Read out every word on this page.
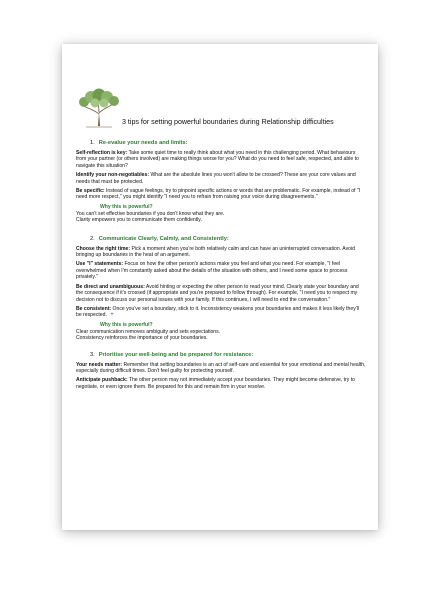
3 tips for setting powerful boundaries during Relationship difficulties
1. Re-evalue your needs and limits:

Self-reflection is key: Take some quiet time to really think about what you need in this challenging period. What behaviours from your partner (or others involved) are making things worse for you? What do you need to feel safe, respected, and able to navigate this situation?

Identify your non-negotiables: What are the absolute lines you won't allow to be crossed? These are your core values and needs that must be protected.

Be specific: Instead of vague feelings, try to pinpoint specific actions or words that are problematic. For example, instead of "I need more respect," you might identify "I need you to refrain from raising your voice during disagreements."

Why this is powerful?

You can't set effective boundaries if you don't know what they are.

Clarity empowers you to communicate them confidently.

2. Communicate Clearly, Calmly, and Consistently:

Choose the right time: Pick a moment when you're both relatively calm and can have an uninterrupted conversation. Avoid bringing up boundaries in the heat of an argument.

Use "I" statements: Focus on how the other person's actions make you feel and what you need. For example, "I feel overwhelmed when I'm constantly asked about the details of the situation with others, and I need some space to process privately."

Be direct and unambiguous: Avoid hinting or expecting the other person to read your mind. Clearly state your boundary and the consequence if it's crossed (if appropriate and you're prepared to follow through). For example, "I need you to respect my decision not to discuss our personal issues with your family. If this continues, I will need to end the conversation."

Be consistent: Once you've set a boundary, stick to it. Inconsistency weakens your boundaries and makes it less likely they'll be respected. +

Why this is powerful?

Clear communication removes ambiguity and sets expectations.

Consistency reinforces the importance of your boundaries.

3. Prioritise your well-being and be prepared for resistance:

Your needs matter: Remember that setting boundaries is an act of self-care and essential for your emotional and mental health, especially during difficult times. Don't feel guilty for protecting yourself.

Anticipate pushback: The other person may not immediately accept your boundaries. They might become defensive, try to negotiate, or even ignore them. Be prepared for this and remain firm in your resolve.
